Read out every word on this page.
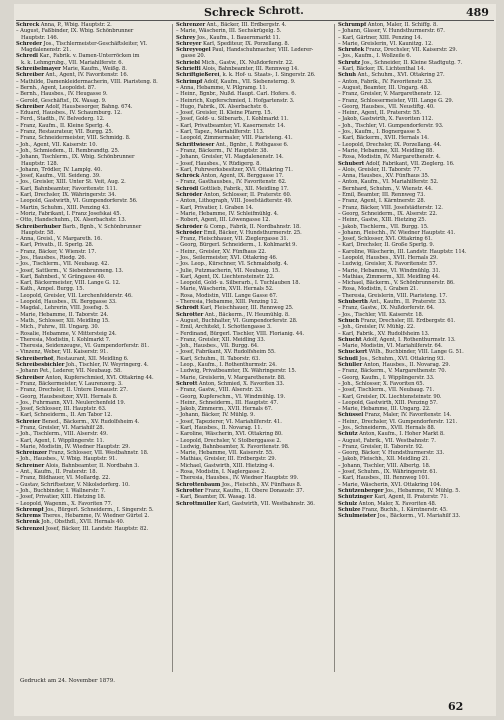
Schreck
– Schrott.	489
Schreck Anna, P., Wbig. Hauptstr. 2.
– August, Faßbinder, IX. Wbig. Schönbrunner
Hauptstr. 146.
Schreder Jos., Tischlermeister-Geschäftsleiter, VI.
Magdalenenstr. 21.
Schredl Kar., Fabrik. v. Damen-Unterröcken im
k. k. Lehmgrubg., VII. Mariahilferstr. 6.
Schreibelmayer Marie, Kaufm., Weißg. 8.
Schreiber Ant., Agent, IV. Favoritenstr. 16.
– Mathilde, Damenkleidermacherin, VIII. Piaristeng. 8.
– Bernh., Agent, Leopoldst. 87.
– Bernh., Hausbes., IV. Heugasse 9.
– Gerold, Geschäftsf., IX. Wasag. 9.
Schreiber Adolf, Hausbesorger, Bahng. 674.
– Eduard, Hausbes., IV. Schaumburg. 12.
– Ferd., Stadtb., IV. Belvederg. 12.
– Franz, Kaufm., II. Kleine Sperlg. 4.
– Franz, Restaurateur, VII. Burgg. 25.
– Franz, Schneidermeister, VIII. Schmidg. 8.
– Joh., Agent, VII. Kaiserstr. 10.
– Joh., Schmiedem., II. Rembrandtg. 25.
– Johann, Tischlerm., IX. Wbig. Schönbrunner
Hauptstr. 128.
– Johann, Trödler, IV. Lamplg. 40.
– Josef, Kaufm., VII. Seideng. 39.
– Jos., Greisler, XIII. Unter St. Veit, Aug. 2.
– Karl, Bahnbeamter, Favoritenstr. 111.
– Karl, Drechsler, IX. Währingerstr. 34.
– Leopold, Gastwirth, VI. Gumpendorferstr. 56.
– Martin, Schuhm., XIII. Penzing 43.
– Moriz, Fabrikant, I. Franz Josefskai 45.
– Otto, Handschuhm., IX. Alserbachstr. 13.
Schreiberhuber Barb., Bgnb., V. Schönbrunner
Hauptstr. 58.
– Anna, Greisl., V. Margareth. 16.
– Karl, Privatb., II. Sperlg. 28.
– Franz, Bäcker, V. Wienstr. 17.
– Jos., Hausbes., Riedg. 26.
– Jos., Tischlerm., VII. Neubaug. 42.
– Josef, Sattlerm., V. Siebenbrunneng. 13.
– Karl, Bahnbed., V. Grüngasse 40.
– Karl, Bäckermeister, VIII. Lange G. 12.
– Kath., Ampel. Burgg. 15.
– Leopold, Greisler, VII. Lerchenfelderstr. 46.
– Leopold, Hausbes., IX. Berggasse 33.
– Magdal., Lehrerin, VIII. Josefsg. 5.
– Marie, Hebamme, II. Taborstr. 24.
– Math., Schlosser, XII. Meidling 15.
– Mich., Fuhrw., III. Ungarg. 30.
– Rosalie, Hebamme, V. Mittersteig 24.
– Theresia, Modistin, I. Kohlmarkt 7.
– Theresia, Seidenzeugw., VI. Gumpendorferstr. 81.
– Vinzenz, Weber, VII. Kaiserstr. 91.
Schreiberhof, Restaurant, XII. Meidling 6.
Schreibesbichler Joh., Tischler, IV. Weyringerg. 4.
– Johann Pet., Lederer, VII. Neubaug. 58.
Schreiber Anton, Kupferschmied, XVI. Ottakring 44.
– Franz, Bäckermeister, V. Laurenzerg. 3.
– Franz, Drechsler, II. Untere Donaustr. 27.
– Georg, Hausbesitzer, XVII. Hernals 8.
– Jos., Fuhrmann, XVI. Neulerchenfeld 19.
– Josef, Schlosser, III. Hauptstr. 63.
– Karl, Schneiderm., II. Am Tabor 12.
Schreier Bened., Bäckerm., XV. Rudolfsheim 4.
– Franz, Greisler, VI. Mariahilf 28.
– Joh., Tischlerm., VIII. Alserstr. 49.
– Karl, Agent, I. Wipplingerstr. 11.
– Marie, Modistin, IV. Wiedner Hauptstr. 29.
Schreinzer Franz, Schlosser, VII. Westbahnstr. 18.
– Joh., Hausbes., V. Wbig. Hauptstr. 91.
Schreiner Alois, Bahnbeamter, II. Nordbahn 3.
– Ant., Kaufm., II. Praterstr. 18.
– Franz, Bildhauer, VI. Mollardg. 22.
– Gustav, Schriftsetzer, V. Nikolsdorferg. 10.
– Joh., Buchbinder, I. Wallnerstr. 7.
– Josef, Privatier, XIII. Hietzing 18.
– Leopold, Wagenm., X. Favoriten 77.
Schrempf Jos., Bürgerl. Schneiderm., I. Singerstr. 5.
Schrems Theres., Hebamme, IV. Wiedner Gürtel 2.
Schrenk Joh., Obsthdl., XVII. Hernals 40.
Schrenzel Josef, Bäcker, III. Landstr. Hauptstr. 82.
Schrenzer Ant., Bäcker, III. Erdbergstr. 4.
– Marie, Wäscherin, III. Sechskrügelg. 5.
Schrey Jos., Kaufm., I. Bauernmarkt 11.
Schreyer Karl, Spediteur, IX. Porzellang. 8.
Schreyvogel Paul, Handschuhmacher, VIII. Lederer-
gasse 20.
Schriebl Mich., Gastw., IX. Nußdorferstr. 22.
Schrieffl Alois, Bahnbeamter, III. Rennweg 14.
Schriftgießerei, k. k. Hof- u. Staats-, I. Singerstr. 26.
Schrimpf Adolf, Kaufm., VII. Siebensterng. 9.
– Anna, Hebamme, V. Pilgramg. 11.
– Heinr., Bgnbr., Nußd. Haupt. Carl. Hofers. 6.
– Heinrich, Kupferschmied, I. Hofgartenstr. 3.
– Hugo, Fabrik., IX. Alserbachstr. 6.
– Josef, Greisler, II. Kleine Pfarrg. 15.
– Josef, Gold- u. Silberarb., I. Kohlmarkt 11.
– Karl, Privatbeamter, VI. Kasernenstr. 14.
– Karl, Tapez., Mariahilferstr. 113.
– Leopold, Zimmermaler, VIII. Piaristeng. 41.
Schrittwieser Ant., Bgnbr., I. Rothgasse 6.
– Franz, Bäckerm., IV. Hauptstr. 38.
– Johann, Greisler, VI. Magdalenenstr. 14.
– Josef, Hausbes., V. Rüdigerg. 8.
– Karl, Fuhrwerksbesitzer, XVI. Ottakring 71.
Schröck Anton, Agent, IX. Berggasse 17.
– Franz, Gasthausbes., IV. Favoritenstr. 62.
Schrödl Gottlieb, Fabrik., XII. Meidling 17.
Schröder Anton, Schlosser, II. Praterstr. 60.
– Anton, Lithograph, VIII. Josefstädterstr. 49.
– Karl, Privatier, I. Graben 14.
– Marie, Hebamme, IV. Schleifmühlg. 4.
– Robert, Agent, III. Löwengasse 12.
Schröder & Comp., Fabrik, II. Nordbahnstr. 18.
Schröder Emil, Bäcker, V. Hundsthurmerstr. 25.
– Franz, Fleischhauer, VII. Zieglergasse 31.
– Georg, Bürgerl. Schneiderm., I. Kohlmarkt 9.
– Heinr., Greisler, XV. Fünfhaus 22.
– Jos., Seilermeister, XVI. Ottakring 46.
– Jos. Leop., Kürschner, VI. Schmalzhofg. 4.
– Julie, Putzmacherin, VII. Neubaug. 15.
– Karl, Agent, IX. Liechtensteinstr. 22.
– Leopold, Gold- u. Silberarb., I. Tuchlauben 18.
– Marie, Wäscherin, XVII. Hernals 52.
– Rosa, Modistin, VIII. Lange Gasse 67.
– Theresia, Hebamme, XIII. Penzing 12.
Schrödt Karl, Fleischhauer, III. Rennweg 25.
Schrötter Ant., Bäckerm., IV. Heumühlg. 8.
– August, Buchhalter, VI. Gumpendorferstr. 28.
– Emil, Architekt, I. Schottengasse 3.
– Ferdinand, Bürgerl. Tischler, VIII. Florianig. 44.
– Franz, Greisler, XII. Meidling 33.
– Joh., Hausbes., VII. Burgg. 64.
– Josef, Fabrikant, XV. Rudolfsheim 55.
– Karl, Schuhm., II. Taborstr. 63.
– Leop., Kaufm., I. Rothenthurmstr. 24.
– Ludwig, Privatbeamter, IX. Währingerstr. 15.
– Marie, Greislerin, V. Margarethenstr. 88.
Schrott Anton, Schmied, X. Favoriten 33.
– Franz, Gastw., VIII. Alserstr. 33.
– Georg, Kupferschm., VI. Windmühlg. 19.
– Heinr., Schneiderm., III. Hauptstr. 47.
– Jakob, Zimmerm., XVII. Hernals 67.
– Johann, Bäcker, IV. Mühlg. 9.
– Josef, Tapezierer, VI. Mariahilferstr. 41.
– Karl, Hausbes., II. Novarag. 11.
– Karoline, Wäscherin, XVI. Ottakring 80.
– Leopold, Drechsler, V. Stolberggasse 2.
– Ludwig, Bahnbeamter, X. Favoritenstr. 98.
– Marie, Hebamme, VII. Kaiserstr. 55.
– Mathias, Greisler, III. Erdbergstr. 29.
– Michael, Gastwirth, XIII. Hietzing 4.
– Rosa, Modistin, I. Naglergasse 2.
– Theresia, Hausbes., IV. Wiedner Hauptstr. 99.
Schrottenbaum Jos., Fleischh., XV. Fünfhaus 8.
Schrotter Franz, Kaufm., II. Obere Donaustr. 37.
– Karl, Beamter, IX. Wasag. 18.
Schrottmüller Karl, Gastwirth, VII. Westbahnstr. 36.
Schrumpf Anton, Maler, II. Schiffg. 8.
– Johann, Glaser, V. Hundsthurmerstr. 67.
– Karl, Gärtner, XIII. Penzing 14.
– Marie, Greislerin, VI. Kaunitzg. 12.
Schrutek Franz, Drechsler, VII. Kaiserstr. 29.
– Jos., Kaufm., I. Wollzeile 6.
Schrutz Jos., Schneider, II. Kleine Stadtgutg. 7.
– Karl, Bäcker, IX. Lichtenthal 14.
Schuh Ant., Schuhm., XVI. Ottakring 27.
– Anton, Fabrik., IV. Favoritenstr. 33.
– August, Beamter, III. Ungarg. 48.
– Franz, Greisler, V. Margarethenstr. 12.
– Franz, Schlossermeister, VIII. Lange G. 29.
– Georg, Hausbes., VII. Neustiftg. 40.
– Heinr., Agent, II. Praterstr. 55.
– Jakob, Gastwirth, X. Favoriten 112.
– Joh., Tischler, VI. Gumpendorferstr. 93.
– Jos., Kaufm., I. Bognergasse 5.
– Karl, Bäckerm., XVII. Hernals 14.
– Leopold, Drechsler, IX. Porzellang. 44.
– Marie, Hebamme, XII. Meidling 88.
– Rosa, Modistin, IV. Margarethenstr. 4.
Schubert Adolf, Fabrikant, VII. Zieglerg. 16.
– Alois, Greisler, II. Taborstr. 77.
– Anna, Hausbes., XV. Fünfhaus 35.
– Anton, Kaufm., VI. Mariahilferstr. 52.
– Bernhard, Schuhm., V. Wienstr. 44.
– Emil, Beamter, III. Rennweg 73.
– Franz, Agent, I. Kärntnerstr. 28.
– Franz, Bäcker, VIII. Josefstädterstr. 12.
– Georg, Schneiderm., IX. Alserstr. 22.
– Heinr., Gastw., XIII. Hietzing 25.
– Jakob, Tischlerm., VII. Burgg. 15.
– Johann, Fleischh., IV. Wiedner Hauptstr. 41.
– Josef, Schlosser, XVI. Ottakring 61.
– Karl, Drechsler, II. Große Sperlg. 9.
– Karoline, Wäscherin, III. Landstr. Hauptstr. 114.
– Leopold, Hausbes., XVII. Hernals 29.
– Ludwig, Greisler, X. Favoritenstr. 57.
– Marie, Hebamme, VI. Windmühlg. 31.
– Mathias, Zimmerm., XII. Meidling 44.
– Michael, Bäckerm., V. Schönbrunnerstr. 86.
– Rosa, Modistin, I. Graben 21.
– Theresia, Greislerin, VIII. Piaristeng. 17.
Schuberth Ant., Kaufm., II. Praterstr. 33.
– Franz, Gastw., IX. Nußdorferstr. 64.
– Jos., Tischler, VII. Kaiserstr. 18.
Schuch Franz, Drechsler, III. Erdbergstr. 61.
– Joh., Greisler, IV. Mühlg. 22.
– Karl, Fabrik., XV. Rudolfsheim 13.
Schucht Adolf, Agent, I. Rothenthurmstr. 13.
– Marie, Modistin, VI. Mariahilferstr. 64.
Schuckert Wilh., Buchbinder, VIII. Lange G. 51.
Schudl Jos., Schuhm., XVI. Ottakring 93.
Schüller Anton, Hausbes., II. Novarag. 29.
– Franz, Bäckerm., V. Margarethenstr. 70.
– Georg, Kaufm., I. Wipplingerstr. 33.
– Joh., Schlosser, X. Favoriten 65.
– Josef, Tischlerm., VII. Neubaug. 71.
– Karl, Greisler, IX. Liechtensteinstr. 90.
– Leopold, Gastwirth, XIII. Penzing 57.
– Marie, Hebamme, III. Ungarg. 22.
Schüssel Franz, Maler, IV. Favoritenstr. 14.
– Heinr., Drechsler, VI. Gumpendorferstr. 121.
– Jos., Schneiderm., XVII. Hernals 88.
Schütz Anton, Kaufm., I. Hoher Markt 8.
– August, Fabrik., VII. Westbahnstr. 7.
– Franz, Greisler, II. Taborstr. 92.
– Georg, Bäcker, V. Hundsthurmerstr. 33.
– Jakob, Fleischh., XII. Meidling 21.
– Johann, Tischler, VIII. Albertg. 18.
– Josef, Schuhm., IX. Währingerstr. 61.
– Karl, Hausbes., III. Rennweg 101.
– Marie, Wäscherin, XVI. Ottakring 104.
Schützenberger Jos., Hebamme, IV. Mühlg. 5.
Schützinger Karl, Agent, II. Praterstr. 71.
Schulz Anton, Maler, X. Favoriten 48.
Schulze Franz, Buchh., I. Kärntnerstr. 45.
Schulmeister Jos., Bäckerm., VI. Mariahilf 33.
Gedruckt am 24. November 1879.
62
